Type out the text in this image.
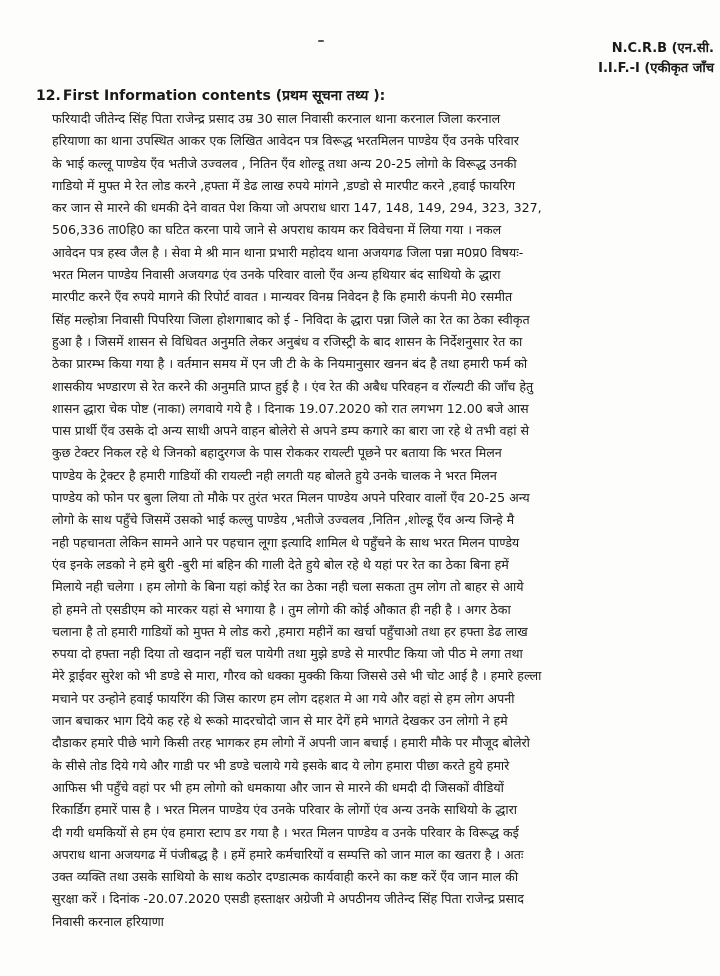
N.C.R.B (एन.सी.
I.I.F.-I (एकीकृत जाँच
12. First Information contents (प्रथम सूचना तथ्य ):
फरियादी जीतेन्द सिंह पिता राजेन्द्र प्रसाद उम्र 30 साल निवासी करनाल थाना करनाल जिला करनाल
हरियाणा का थाना उपस्थित आकर एक लिखित आवेदन पत्र विरूद्ध भरतमिलन पाण्डेय एँव उनके परिवार
के भाई कल्लू पाण्डेय एँव भतीजे उज्वलव , नितिन एँव शोल्डू तथा अन्य 20-25 लोगो के विरूद्ध उनकी
गाडियो में मुफ्त मे रेत लोड करने ,हफ्ता में डेढ लाख रुपये मांगने ,डण्डो से मारपीट करने ,हवाई फायरिग
कर जान से मारने की धमकी देने वावत पेश किया जो अपराध धारा 147, 148, 149, 294, 323, 327,
506,336 ता0हि0 का घटित करना पाये जाने से अपराध कायम कर विवेचना में लिया गया । नकल
आवेदन पत्र हस्व जैल है । सेवा मे श्री मान थाना प्रभारी महोदय थाना अजयगढ जिला पन्ना म0प्र0 विषयः-
भरत मिलन पाण्डेय निवासी अजयगढ एंव उनके परिवार वालो एँव अन्य हथियार बंद साथियो के द्धारा
मारपीट करने एँव रुपये मागने की रिपोर्ट वावत । मान्यवर विनम्र निवेदन है कि हमारी कंपनी मे0 रसमीत
सिंह मल्होत्रा निवासी पिपरिया जिला होशगाबाद को ई - निविदा के द्धारा पन्ना जिले का रेत का ठेका स्वीकृत
हुआ है । जिसमें शासन से विधिवत अनुमति लेकर अनुबंध व रजिस्ट्री के बाद शासन के निर्देशनुसार रेत का
ठेका प्रारम्भ किया गया है । वर्तमान समय में एन जी टी के के नियमानुसार खनन बंद है तथा हमारी फर्म को
शासकीय भण्डारण से रेत करने की अनुमति प्राप्त हुई है । एंव रेत की अबैध परिवहन व रॉल्यटी की जाँच हेतु
शासन द्धारा चेक पोष्ट (नाका) लगवाये गये है । दिनाक 19.07.2020 को रात लगभग 12.00 बजे आस
पास प्रार्थी एँव उसके दो अन्य साथी अपने वाहन बोलेरो से अपने डम्प कगारे का बारा जा रहे थे तभी वहां से
कुछ टेक्टर निकल रहे थे जिनको बहादुरगज के पास रोककर रायल्टी पूछने पर बताया कि भरत मिलन
पाण्डेय के ट्रेक्टर है हमारी गाडियों की रायल्टी नही लगती यह बोलते हुये उनके चालक ने भरत मिलन
पाण्डेय को फोन पर बुला लिया तो मौके पर तुरंत भरत मिलन पाण्डेय अपने परिवार वालों एँव 20-25 अन्य
लोगो के साथ पहुँचे जिसमें उसको भाई कल्लु पाण्डेय ,भतीजे उज्वलव ,नितिन ,शोल्डू एँव अन्य जिन्हे मै
नही पहचानता लेकिन सामने आने पर पहचान लूगा इत्यादि शामिल थे पहुँचने के साथ भरत मिलन पाण्डेय
एंव इनके लडको ने हमे बुरी -बुरी मां बहिन की गाली देते हुये बोल रहे थे यहां पर रेत का ठेका बिना हमें
मिलाये नही चलेगा । हम लोगो के बिना यहां कोई रेत का ठेका नही चला सकता तुम लोग तो बाहर से आये
हो हमने तो एसडीएम को मारकर यहां से भगाया है । तुम लोगो की कोई औकात ही नही है । अगर ठेका
चलाना है तो हमारी गाडियों को मुफ्त मे लोड करो ,हमारा महीनें का खर्चा पहुँचाओ तथा हर हफ्ता डेढ लाख
रुपया दो हफ्ता नही दिया तो खदान नहीं चल पायेगी तथा मुझे डण्डे से मारपीट किया जो पीठ मे लगा तथा
मेरे ड्राईवर सुरेश को भी डण्डे से मारा, गौरव को धक्का मुक्की किया जिससे उसे भी चोट आई है । हमारे हल्ला
मचाने पर उन्होने हवाई फायरिंग की जिस कारण हम लोग दहशत मे आ गये और वहां से हम लोग अपनी
जान बचाकर भाग दिये कह रहे थे रूको मादरचोदो जान से मार देगें हमे भागते देखकर उन लोगो ने हमे
दौडाकर हमारे पीछे भागे किसी तरह भागकर हम लोगो नें अपनी जान बचाई । हमारी मौके पर मौजूद बोलेरो
के सीसे तोड दिये गये और गाडी पर भी डण्डे चलाये गये इसके बाद ये लोग हमारा पीछा करते हुये हमारे
आफिस भी पहुँचे वहां पर भी हम लोगो को धमकाया और जान से मारने की धमदी दी जिसकों वीडियों
रिकार्डिग हमारें पास है । भरत मिलन पाण्डेय एंव उनके परिवार के लोगों एंव अन्य उनके साथियो के द्धारा
दी गयी धमकियों से हम एंव हमारा स्टाप डर गया है । भरत मिलन पाण्डेय व उनके परिवार के विरूद्ध कई
अपराध थाना अजयगढ में पंजीबद्ध है । हमें हमारे कर्मचारियों व सम्पत्ति को जान माल का खतरा है । अतः
उक्त व्यक्ति तथा उसके साथियो के साथ कठोर दण्डात्मक कार्यवाही करने का कष्ट करें एँव जान माल की
सुरक्षा करें । दिनांक -20.07.2020 एसडी हस्ताक्षर अग्रेजी मे अपठीनय जीतेन्द सिंह पिता राजेन्द्र प्रसाद
निवासी करनाल हरियाणा
